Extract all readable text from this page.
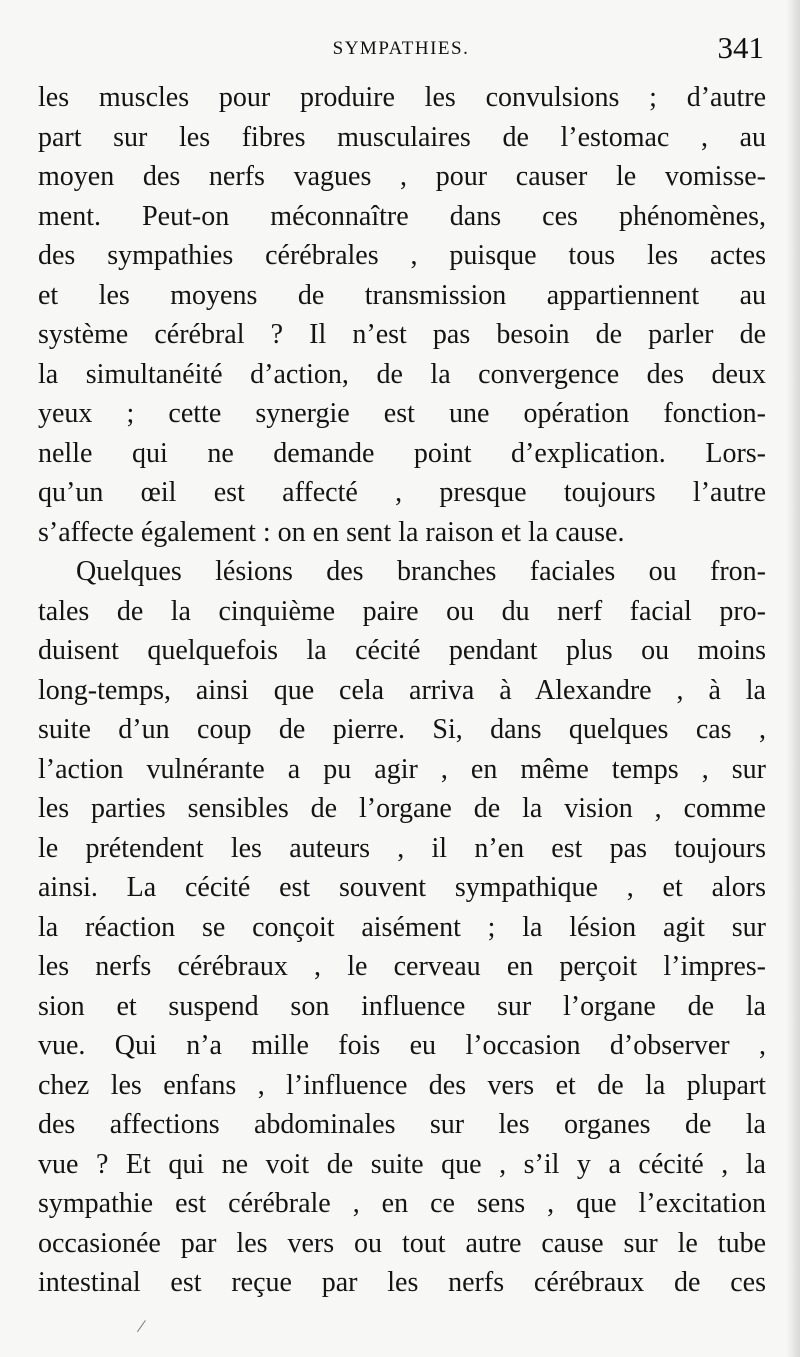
SYMPATHIES.	341
les muscles pour produire les convulsions ; d’autre
part sur les fibres musculaires de l’estomac , au
moyen des nerfs vagues , pour causer le vomisse-
ment. Peut-on méconnaître dans ces phénomènes,
des sympathies cérébrales , puisque tous les actes
et les moyens de transmission appartiennent au
système cérébral ? Il n’est pas besoin de parler de
la simultanéité d’action, de la convergence des deux
yeux ; cette synergie est une opération fonction-
nelle qui ne demande point d’explication. Lors-
qu’un œil est affecté , presque toujours l’autre
s’affecte également : on en sent la raison et la cause.
Quelques lésions des branches faciales ou fron-
tales de la cinquième paire ou du nerf facial pro-
duisent quelquefois la cécité pendant plus ou moins
long-temps, ainsi que cela arriva à Alexandre , à la
suite d’un coup de pierre. Si, dans quelques cas ,
l’action vulnérante a pu agir , en même temps , sur
les parties sensibles de l’organe de la vision , comme
le prétendent les auteurs , il n’en est pas toujours
ainsi. La cécité est souvent sympathique , et alors
la réaction se conçoit aisément ; la lésion agit sur
les nerfs cérébraux , le cerveau en perçoit l’impres-
sion et suspend son influence sur l’organe de la
vue. Qui n’a mille fois eu l’occasion d’observer ,
chez les enfans , l’influence des vers et de la plupart
des affections abdominales sur les organes de la
vue ? Et qui ne voit de suite que , s’il y a cécité , la
sympathie est cérébrale , en ce sens , que l’excitation
occasionée par les vers ou tout autre cause sur le tube
intestinal est reçue par les nerfs cérébraux de ces
